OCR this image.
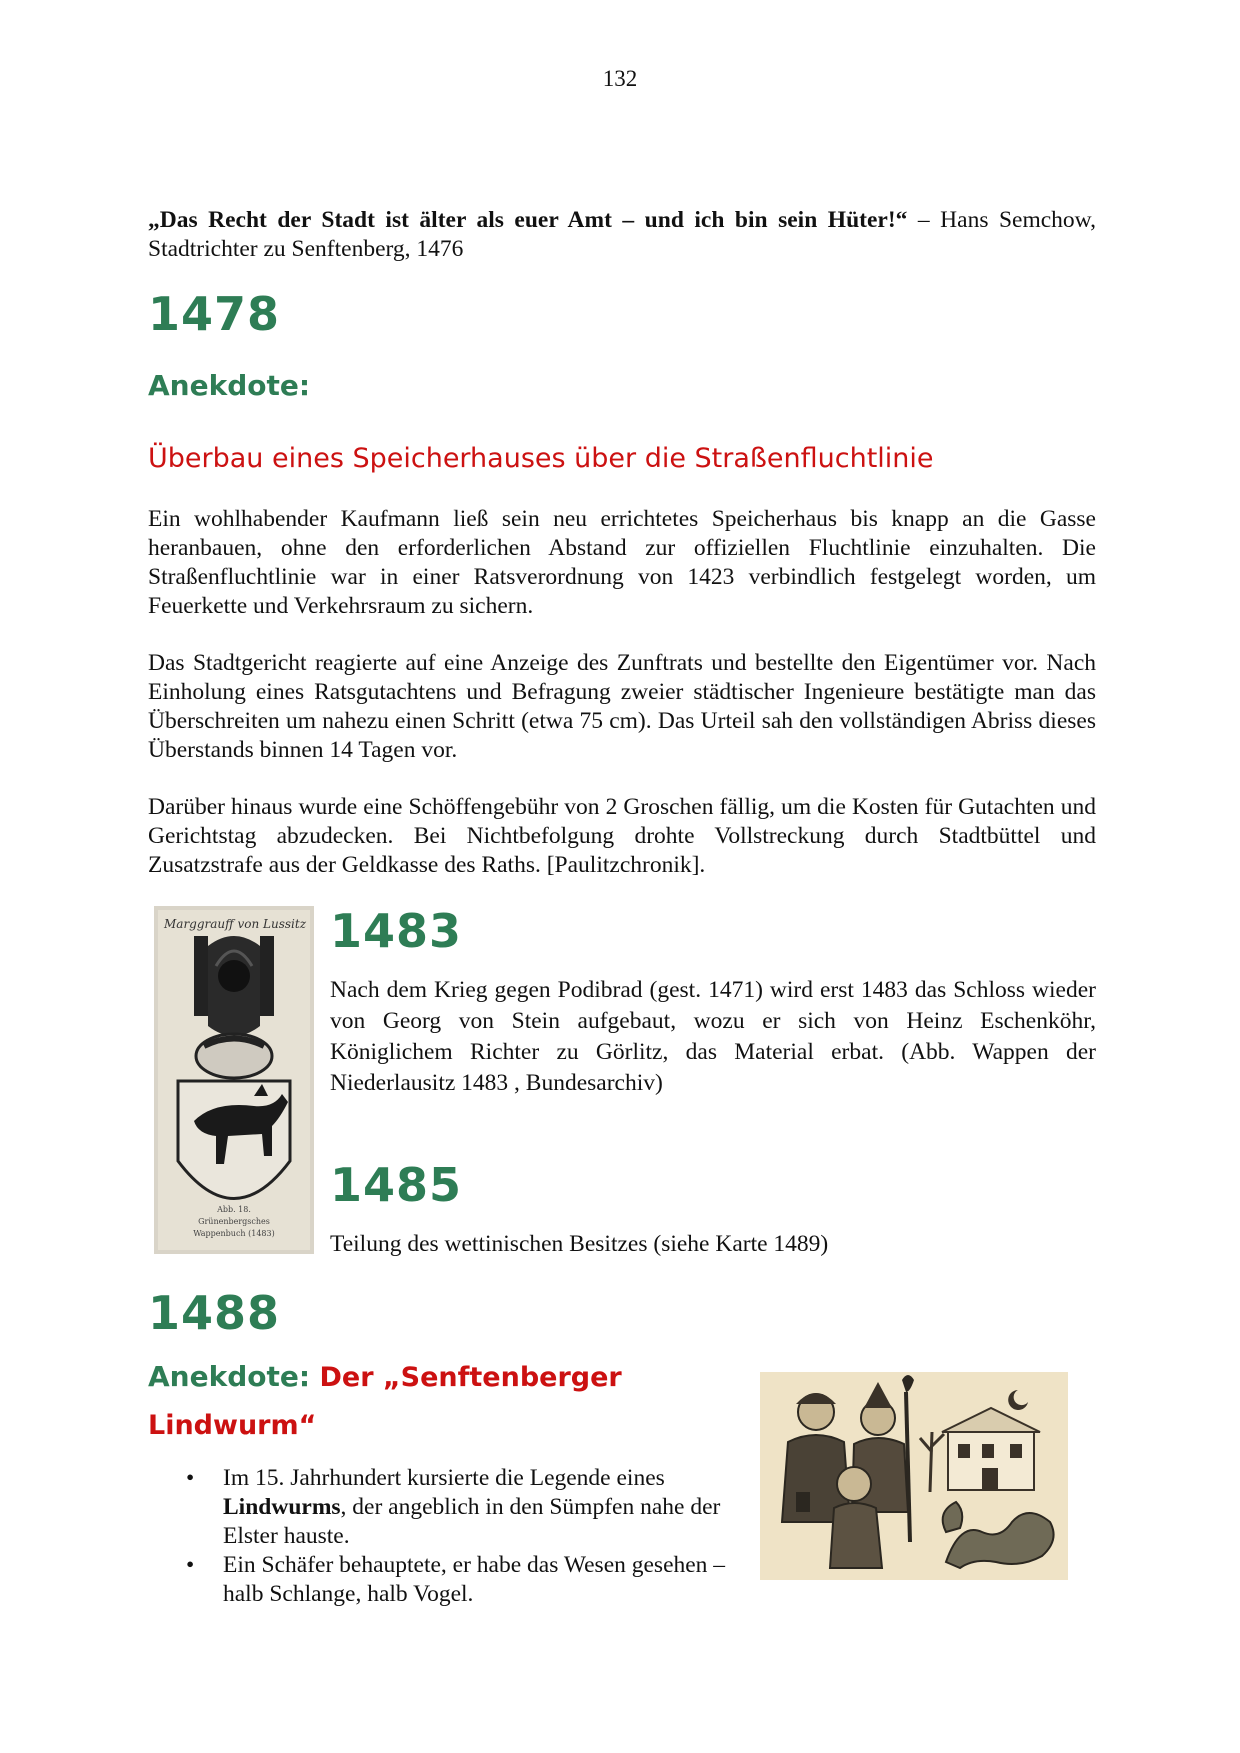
132
„Das Recht der Stadt ist älter als euer Amt – und ich bin sein Hüter!“ – Hans Semchow, Stadtrichter zu Senftenberg, 1476
1478
Anekdote:
Überbau eines Speicherhauses über die Straßenfluchtlinie
Ein wohlhabender Kaufmann ließ sein neu errichtetes Speicherhaus bis knapp an die Gasse heranbauen, ohne den erforderlichen Abstand zur offiziellen Fluchtlinie einzuhalten. Die Straßenfluchtlinie war in einer Ratsverordnung von 1423 verbindlich festgelegt worden, um Feuerkette und Verkehrsraum zu sichern.
Das Stadtgericht reagierte auf eine Anzeige des Zunftrats und bestellte den Eigentümer vor. Nach Einholung eines Ratsgutachtens und Befragung zweier städtischer Ingenieure bestätigte man das Überschreiten um nahezu einen Schritt (etwa 75 cm). Das Urteil sah den vollständigen Abriss dieses Überstands binnen 14 Tagen vor.
Darüber hinaus wurde eine Schöffengebühr von 2 Groschen fällig, um die Kosten für Gutachten und Gerichtstag abzudecken. Bei Nichtbefolgung drohte Vollstreckung durch Stadtbüttel und Zusatzstrafe aus der Geldkasse des Raths. [Paulitzchronik].
Marggrauff von Lussitz
Abb. 18.
Grünenbergsches
Wappenbuch (1483)
1483
Nach dem Krieg gegen Podibrad (gest. 1471) wird erst 1483 das Schloss wieder von Georg von Stein aufgebaut, wozu er sich von Heinz Eschenköhr, Königlichem Richter zu Görlitz, das Material erbat. (Abb. Wappen der Niederlausitz 1483 , Bundesarchiv)
1485
Teilung des wettinischen Besitzes (siehe Karte 1489)
1488
Anekdote: Der „Senftenberger
Lindwurm“
• Im 15. Jahrhundert kursierte die Legende eines Lindwurms, der angeblich in den Sümpfen nahe der Elster hauste.
• Ein Schäfer behauptete, er habe das Wesen gesehen – halb Schlange, halb Vogel.
